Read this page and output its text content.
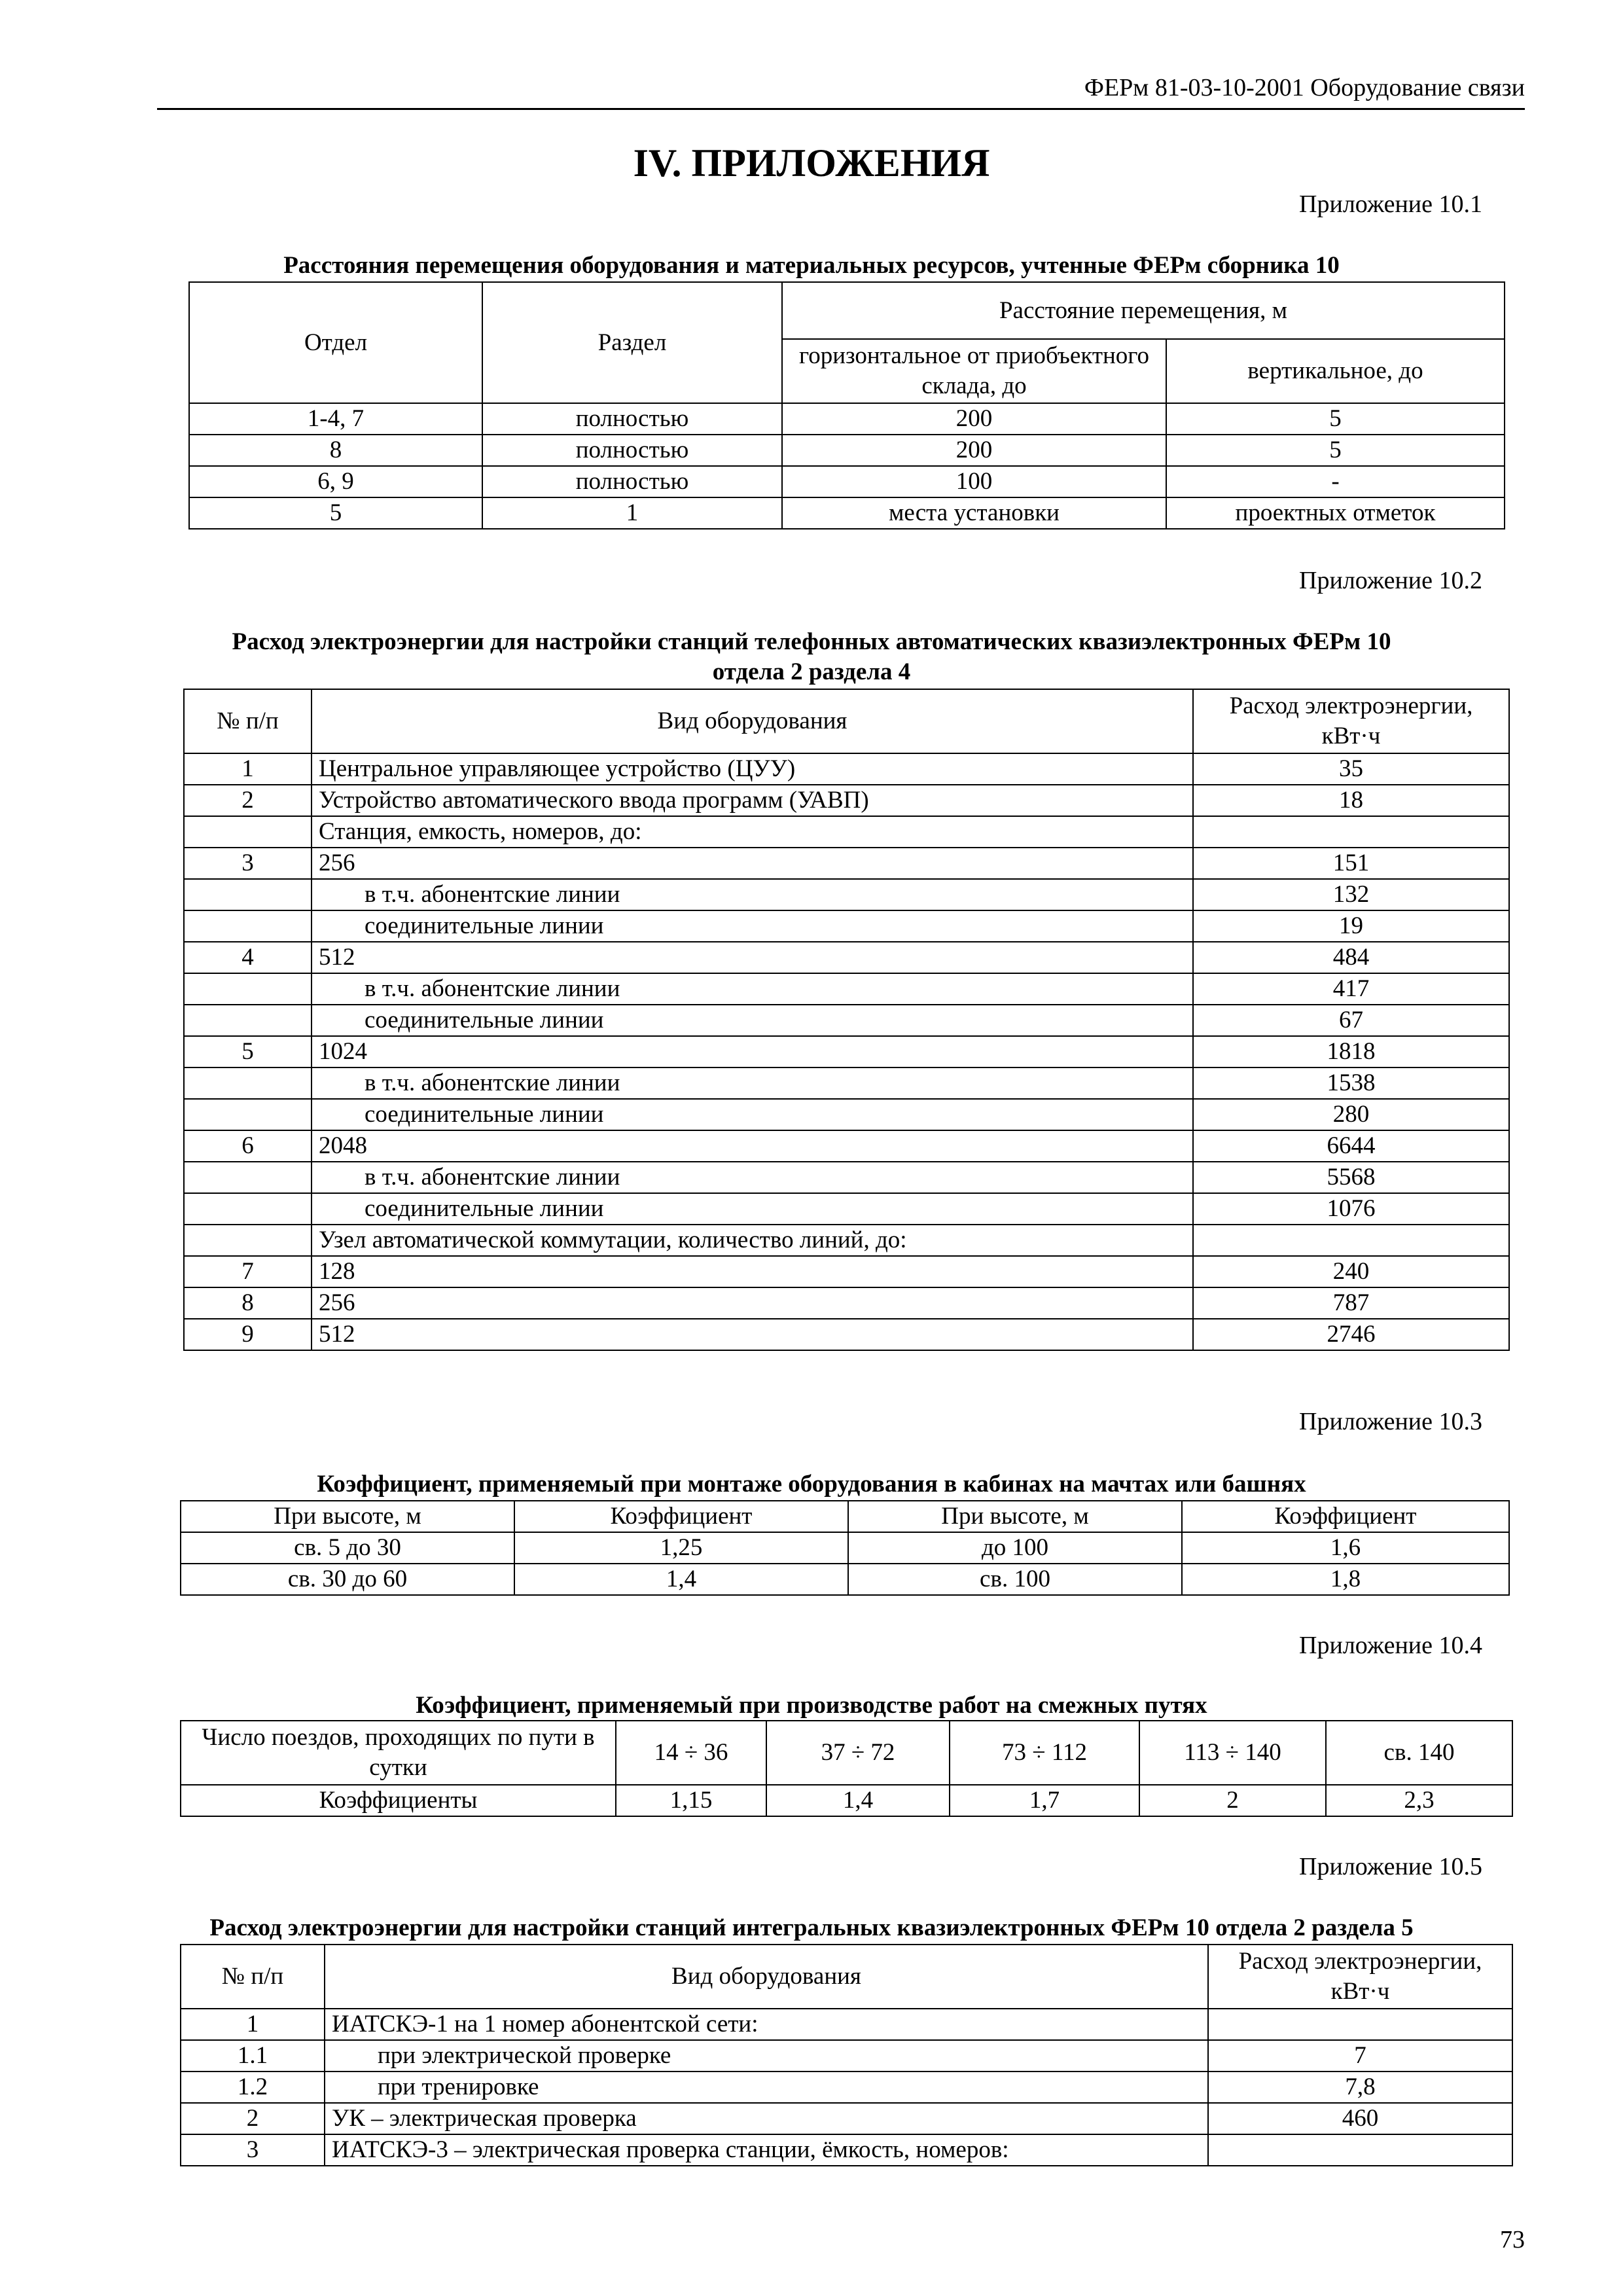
ФЕРм 81-03-10-2001 Оборудование связи
IV. ПРИЛОЖЕНИЯ
Приложение 10.1
Расстояния перемещения оборудования и материальных ресурсов, учтенные ФЕРм сборника 10
Отдел	Раздел	Расстояние перемещения, м	
		горизонтальное от приобъектного склада, до	вертикальное, до
1-4, 7	полностью	200	5
8	полностью	200	5
6, 9	полностью	100	-
5	1	места установки	проектных отметок
Приложение 10.2
Расход электроэнергии для настройки станций телефонных автоматических квазиэлектронных ФЕРм 10
отдела 2 раздела 4
№ п/п	Вид оборудования	Расход электроэнергии, кВт·ч
1	Центральное управляющее устройство (ЦУУ)	35
2	Устройство автоматического ввода программ (УАВП)	18
	Станция, емкость, номеров, до:	
3	256	151
	в т.ч. абонентские линии	132
	соединительные линии	19
4	512	484
	в т.ч. абонентские линии	417
	соединительные линии	67
5	1024	1818
	в т.ч. абонентские линии	1538
	соединительные линии	280
6	2048	6644
	в т.ч. абонентские линии	5568
	соединительные линии	1076
	Узел автоматической коммутации, количество линий, до:	
7	128	240
8	256	787
9	512	2746
Приложение 10.3
Коэффициент, применяемый при монтаже оборудования в кабинах на мачтах или башнях
При высоте, м	Коэффициент	При высоте, м	Коэффициент
св. 5 до 30	1,25	до 100	1,6
св. 30 до 60	1,4	св. 100	1,8
Приложение 10.4
Коэффициент, применяемый при производстве работ на смежных путях
Число поездов, проходящих по пути в сутки	14 ÷ 36	37 ÷ 72	73 ÷ 112	113 ÷ 140	св. 140
Коэффициенты	1,15	1,4	1,7	2	2,3
Приложение 10.5
Расход электроэнергии для настройки станций интегральных квазиэлектронных ФЕРм 10 отдела 2 раздела 5
№ п/п	Вид оборудования	Расход электроэнергии, кВт·ч
1	ИАТСКЭ-1 на 1 номер абонентской сети:	
1.1	при электрической проверке	7
1.2	при тренировке	7,8
2	УК – электрическая проверка	460
3	ИАТСКЭ-3 – электрическая проверка станции, ёмкость, номеров:	
73
